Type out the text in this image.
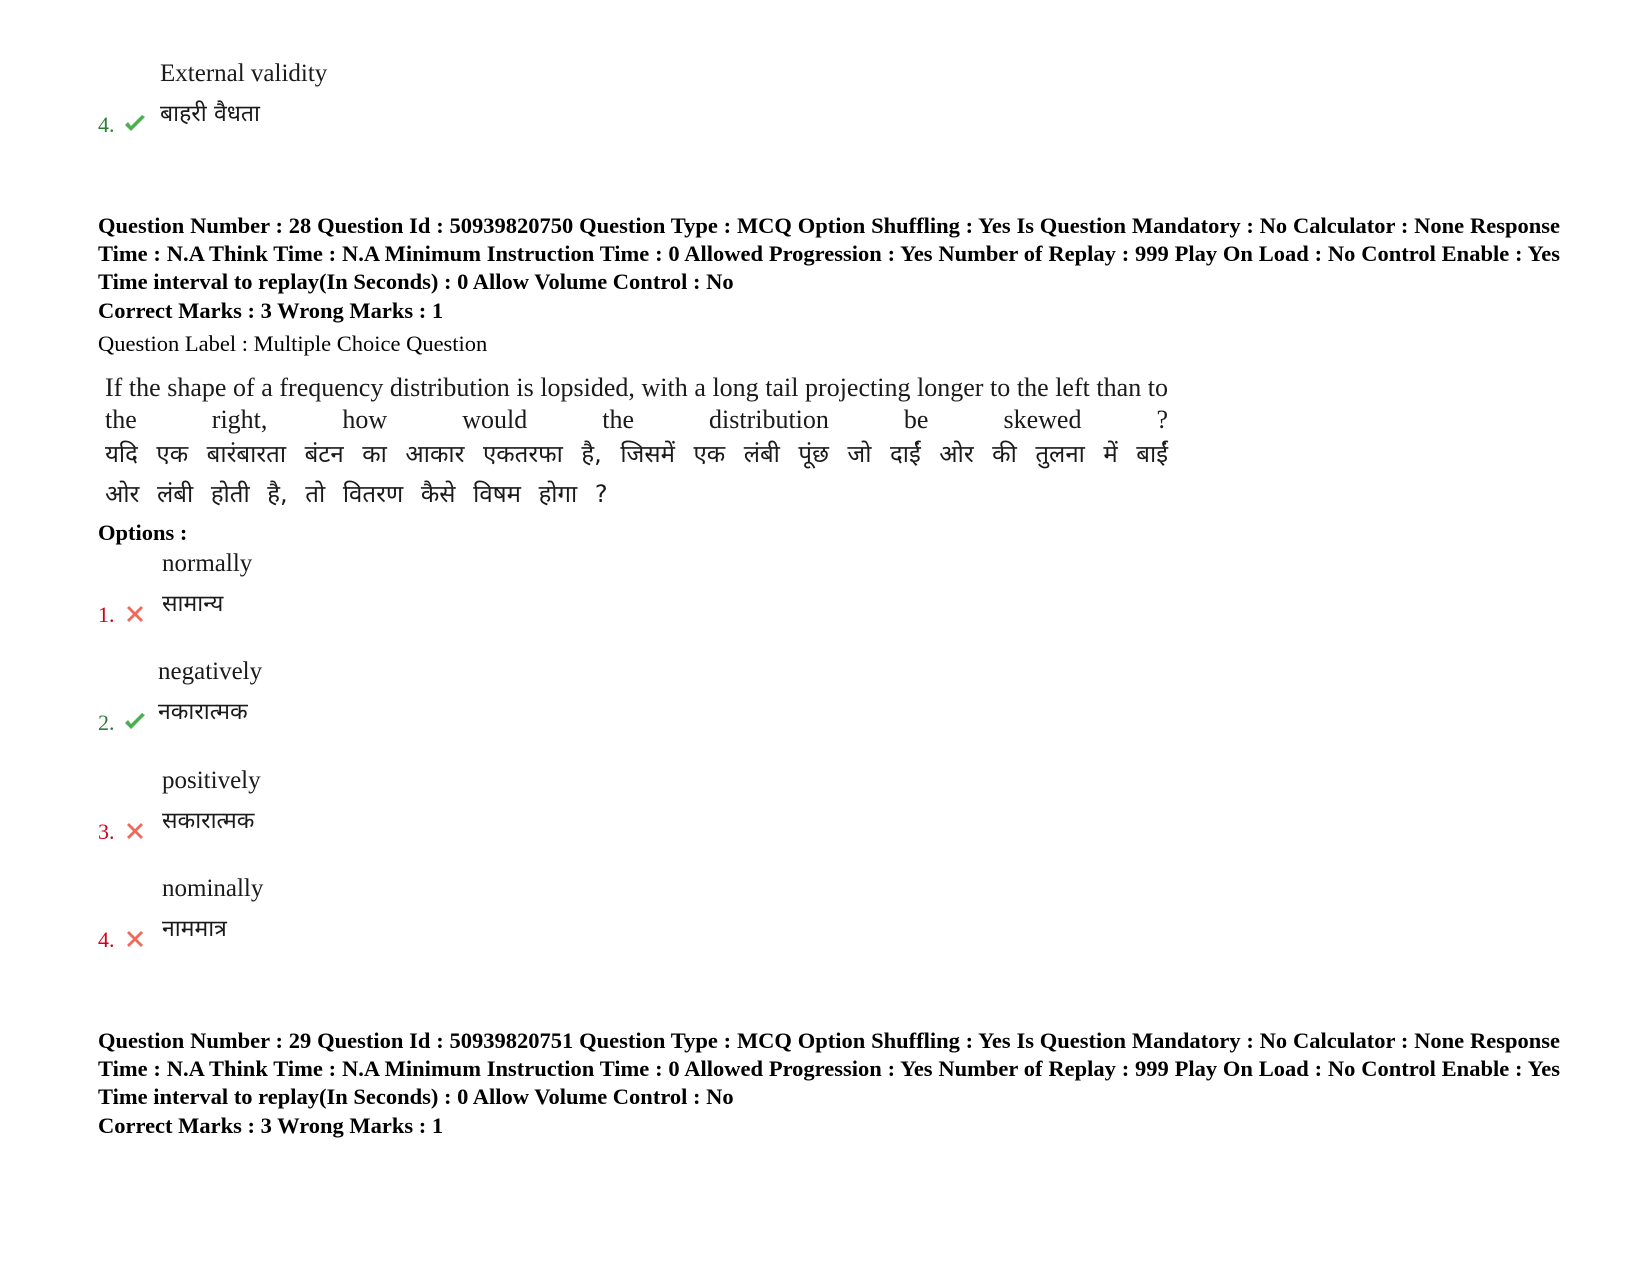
External validity
बाहरी वैधता
4.
Question Number : 28 Question Id : 50939820750 Question Type : MCQ Option Shuffling : Yes Is Question Mandatory : No Calculator : None Response Time : N.A Think Time : N.A Minimum Instruction Time : 0 Allowed Progression : Yes Number of Replay : 999 Play On Load : No Control Enable : Yes Time interval to replay(In Seconds) : 0 Allow Volume Control : No
Correct Marks : 3 Wrong Marks : 1
Question Label : Multiple Choice Question
If the shape of a frequency distribution is lopsided, with a long tail projecting longer to the left than to the right, how would the distribution be skewed ?
यदि एक बारंबारता बंटन का आकार एकतरफा है, जिसमें एक लंबी पूंछ जो दाईं ओर की तुलना में बाईं ओर लंबी होती है, तो वितरण कैसे विषम होगा ?
Options :
normally
सामान्य
1.
negatively
नकारात्मक
2.
positively
सकारात्मक
3.
nominally
नाममात्र
4.
Question Number : 29 Question Id : 50939820751 Question Type : MCQ Option Shuffling : Yes Is Question Mandatory : No Calculator : None Response Time : N.A Think Time : N.A Minimum Instruction Time : 0 Allowed Progression : Yes Number of Replay : 999 Play On Load : No Control Enable : Yes Time interval to replay(In Seconds) : 0 Allow Volume Control : No
Correct Marks : 3 Wrong Marks : 1
